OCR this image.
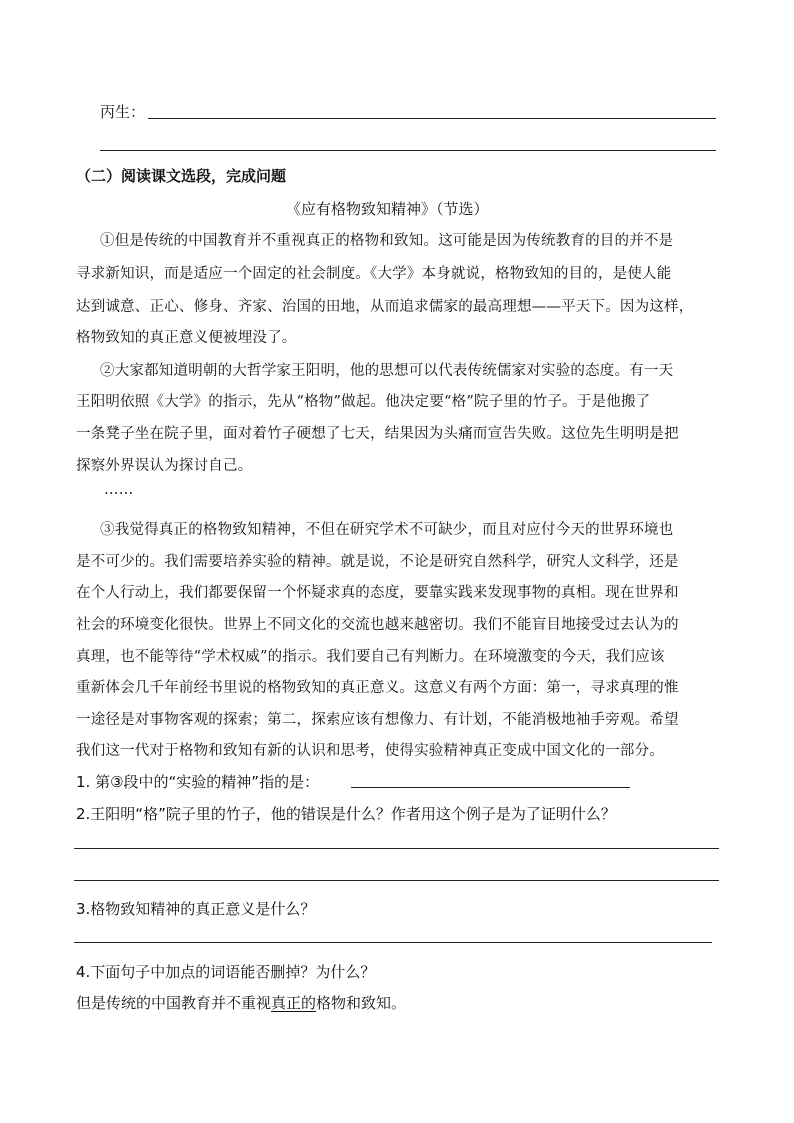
丙生：
（二）阅读课文选段，完成问题
《应有格物致知精神》（节选）
①但是传统的中国教育并不重视真正的格物和致知。这可能是因为传统教育的目的并不是
寻求新知识，而是适应一个固定的社会制度。《大学》本身就说，格物致知的目的，是使人能
达到诚意、正心、修身、齐家、治国的田地，从而追求儒家的最高理想——平天下。因为这样，
格物致知的真正意义便被埋没了。
②大家都知道明朝的大哲学家王阳明，他的思想可以代表传统儒家对实验的态度。有一天
王阳明依照《大学》的指示，先从“格物”做起。他决定要“格”院子里的竹子。于是他搬了
一条凳子坐在院子里，面对着竹子硬想了七天，结果因为头痛而宣告失败。这位先生明明是把
探察外界误认为探讨自己。
……
③我觉得真正的格物致知精神，不但在研究学术不可缺少，而且对应付今天的世界环境也
是不可少的。我们需要培养实验的精神。就是说，不论是研究自然科学，研究人文科学，还是
在个人行动上，我们都要保留一个怀疑求真的态度，要靠实践来发现事物的真相。现在世界和
社会的环境变化很快。世界上不同文化的交流也越来越密切。我们不能盲目地接受过去认为的
真理，也不能等待“学术权威”的指示。我们要自己有判断力。在环境激变的今天，我们应该
重新体会几千年前经书里说的格物致知的真正意义。这意义有两个方面：第一，寻求真理的惟
一途径是对事物客观的探索；第二，探索应该有想像力、有计划，不能消极地袖手旁观。希望
我们这一代对于格物和致知有新的认识和思考，使得实验精神真正变成中国文化的一部分。
1. 第③段中的“实验的精神”指的是：
2.王阳明“格”院子里的竹子，他的错误是什么？作者用这个例子是为了证明什么？
3.格物致知精神的真正意义是什么？
4.下面句子中加点的词语能否删掉？为什么？
但是传统的中国教育并不重视真正的格物和致知。
